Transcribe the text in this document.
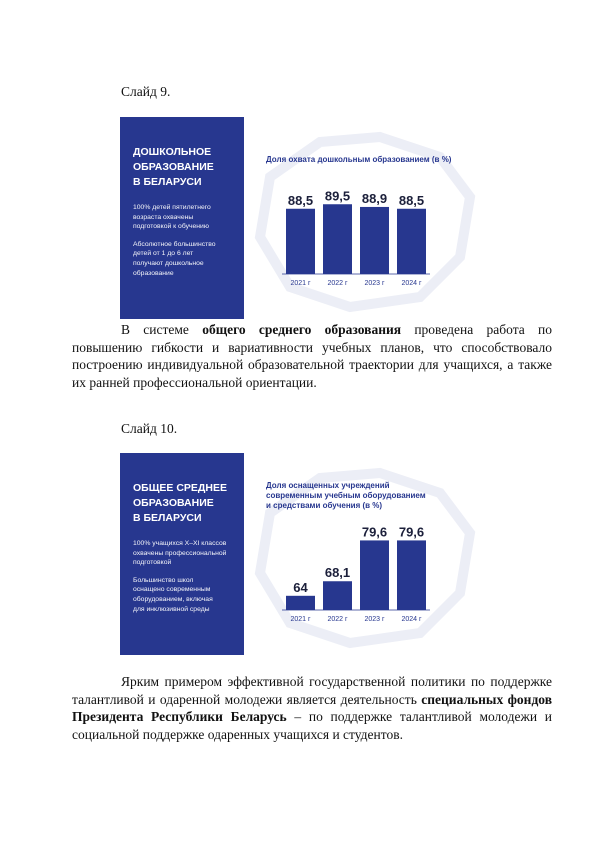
Слайд 9.
ДОШКОЛЬНОЕ
ОБРАЗОВАНИЕ
В БЕЛАРУСИ

100% детей пятилетнего возраста охвачены подготовкой к обучению

Абсолютное большинство детей от 1 до 6 лет получают дошкольное образование

Доля охвата дошкольным образованием (в %)
88,5
2021 г
89,5
2022 г
88,9
2023 г
88,5
2024 г

В системе общего среднего образования проведена работа по повышению гибкости и вариативности учебных планов, что способствовало построению индивидуальной образовательной траектории для учащихся, а также их ранней профессиональной ориентации.

Слайд 10.
ОБЩЕЕ СРЕДНЕЕ
ОБРАЗОВАНИЕ
В БЕЛАРУСИ

100% учащихся X–XI классов охвачены профессиональной подготовкой

Большинство школ оснащено современным оборудованием, включая для инклюзивной среды

Доля оснащенных учреждений
современным учебным оборудованием
и средствами обучения (в %)
64
2021 г
68,1
2022 г
79,6
2023 г
79,6
2024 г

Ярким примером эффективной государственной политики по поддержке талантливой и одаренной молодежи является деятельность специальных фондов Президента Республики Беларусь – по поддержке талантливой молодежи и социальной поддержке одаренных учащихся и студентов.
